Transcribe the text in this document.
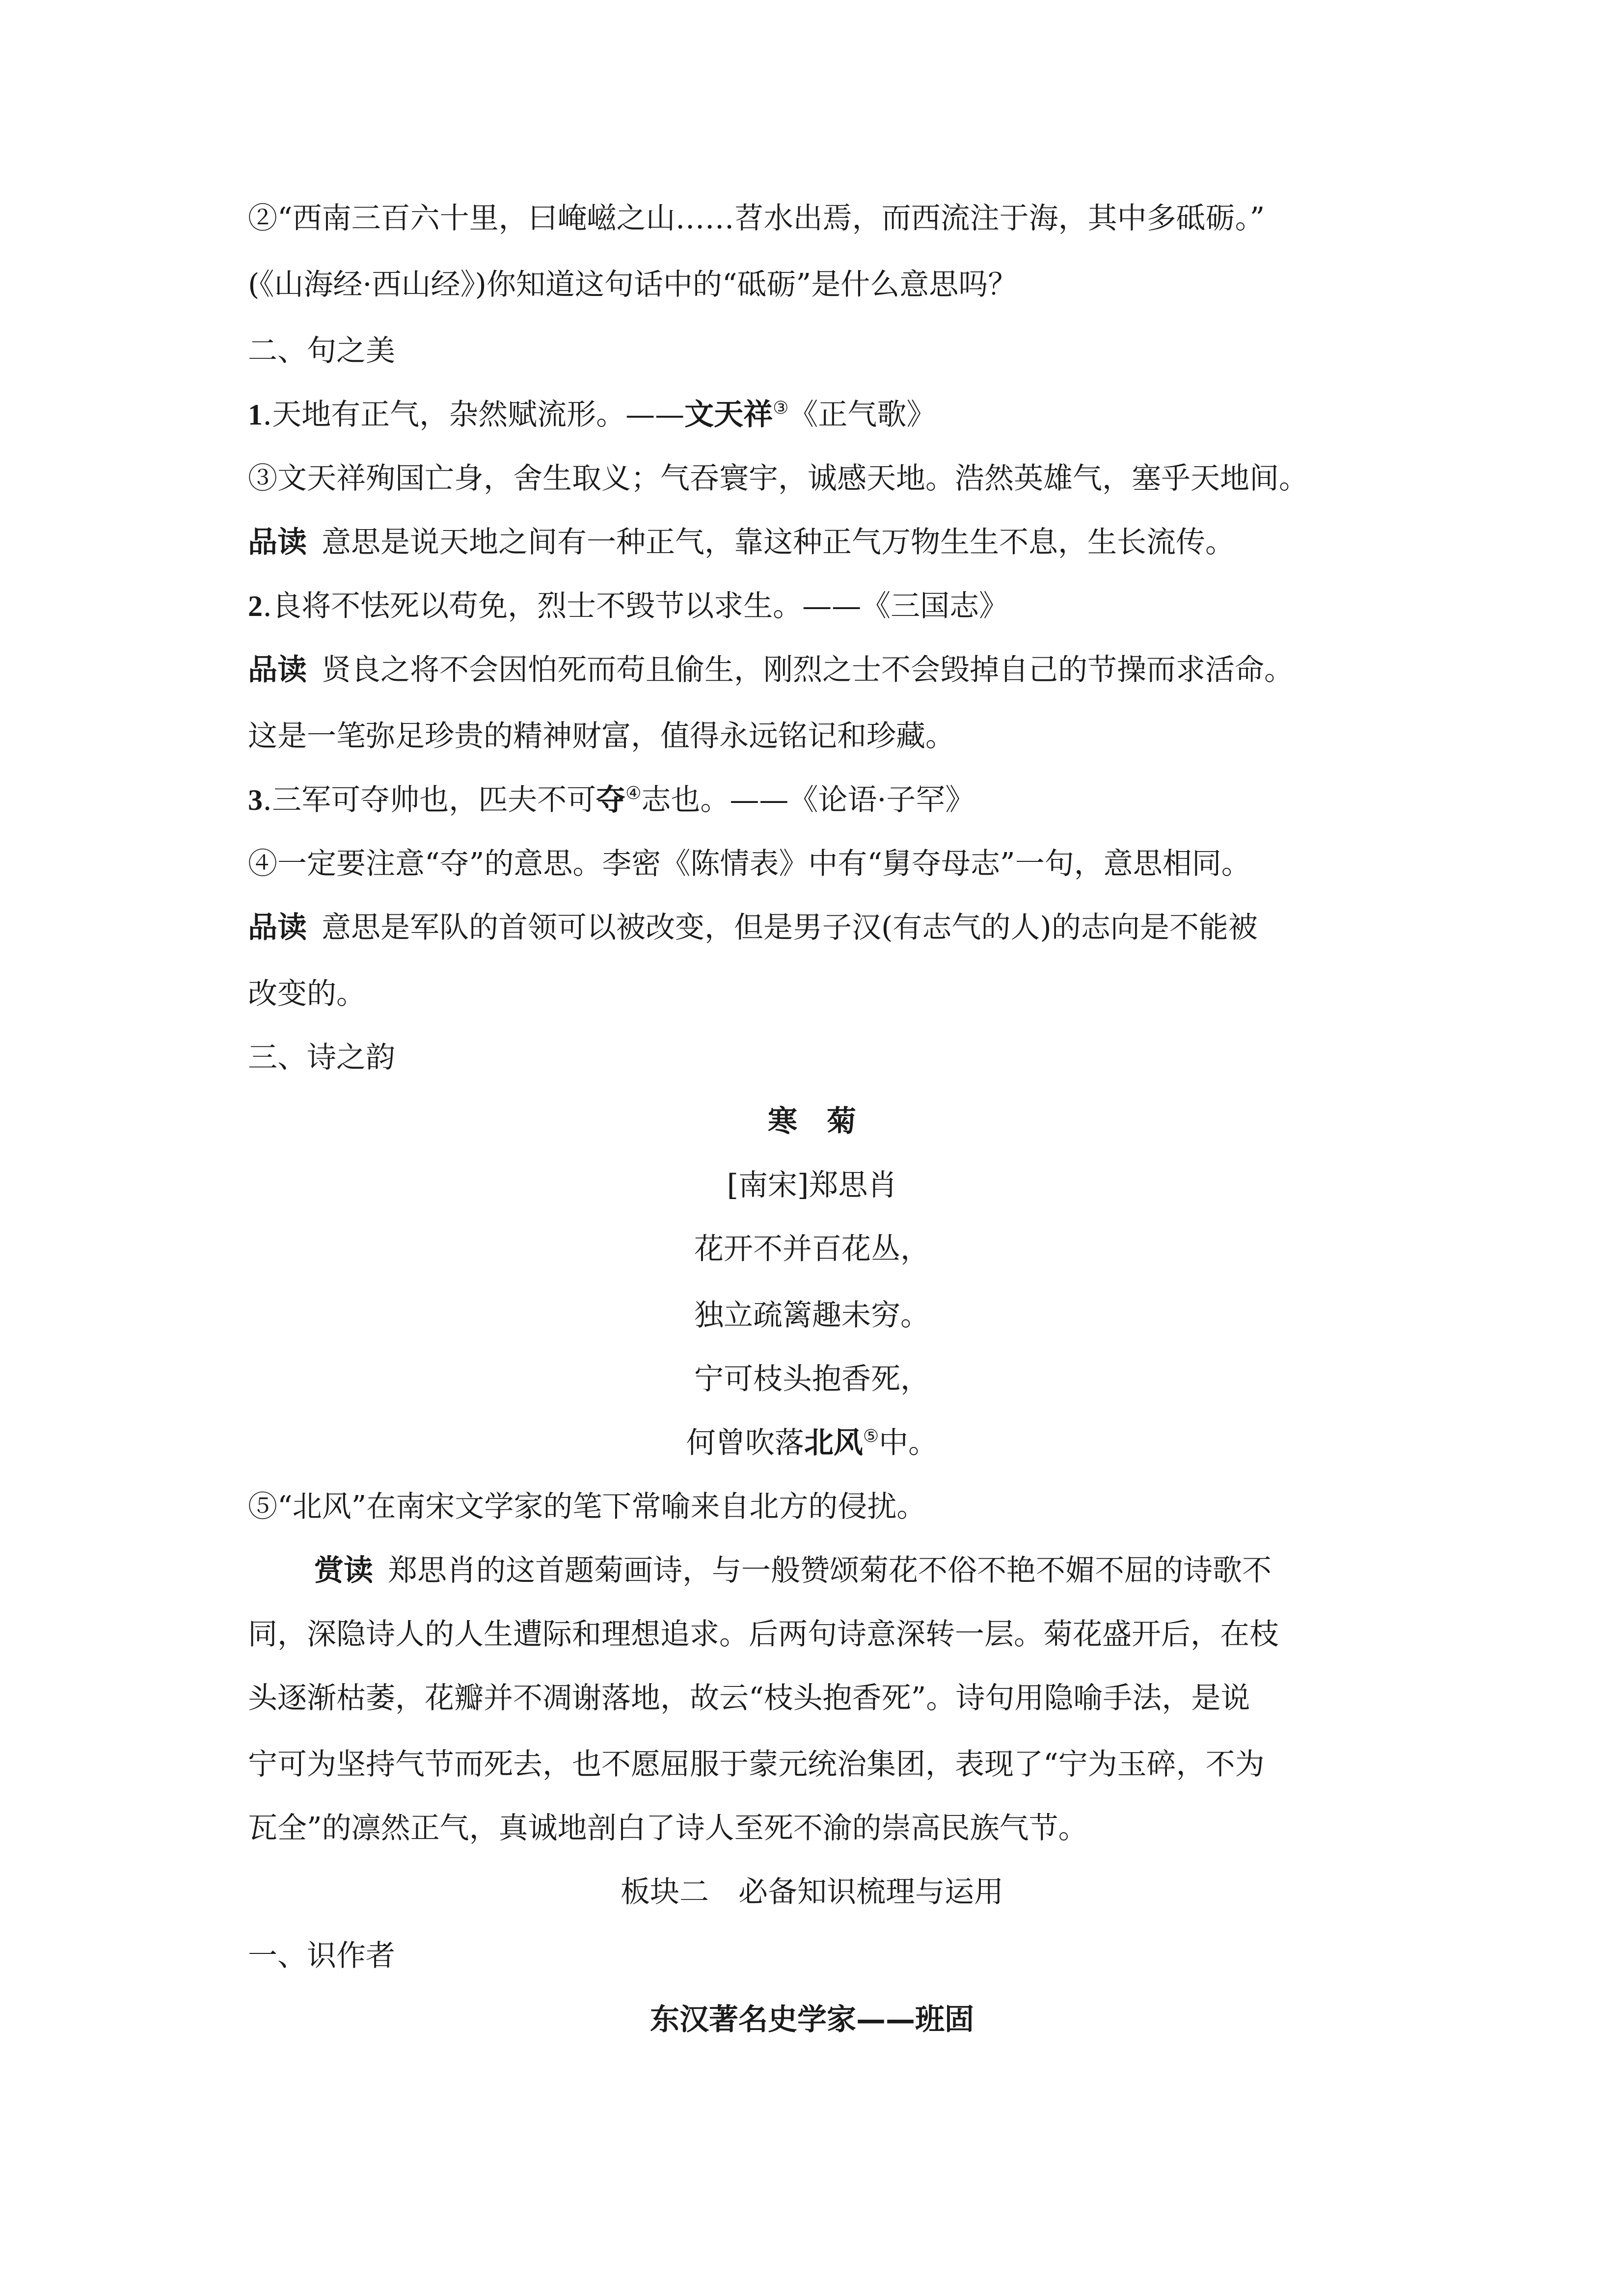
②“西南三百六十里，曰崦嵫之山……苕水出焉，而西流注于海，其中多砥砺。”
(《山海经·西山经》)你知道这句话中的“砥砺”是什么意思吗？
二、句之美
1.天地有正气，杂然赋流形。——文天祥③《正气歌》
③文天祥殉国亡身，舍生取义；气吞寰宇，诚感天地。浩然英雄气，塞乎天地间。
品读 意思是说天地之间有一种正气，靠这种正气万物生生不息，生长流传。
2.良将不怯死以苟免，烈士不毁节以求生。——《三国志》
品读 贤良之将不会因怕死而苟且偷生，刚烈之士不会毁掉自己的节操而求活命。
这是一笔弥足珍贵的精神财富，值得永远铭记和珍藏。
3.三军可夺帅也，匹夫不可夺④志也。——《论语·子罕》
④一定要注意“夺”的意思。李密《陈情表》中有“舅夺母志”一句，意思相同。
品读 意思是军队的首领可以被改变，但是男子汉(有志气的人)的志向是不能被
改变的。
三、诗之韵
寒菊
[南宋]郑思肖
花开不并百花丛，
独立疏篱趣未穷。
宁可枝头抱香死，
何曾吹落北风⑤中。
⑤“北风”在南宋文学家的笔下常喻来自北方的侵扰。
赏读 郑思肖的这首题菊画诗，与一般赞颂菊花不俗不艳不媚不屈的诗歌不
同，深隐诗人的人生遭际和理想追求。后两句诗意深转一层。菊花盛开后，在枝
头逐渐枯萎，花瓣并不凋谢落地，故云“枝头抱香死”。诗句用隐喻手法，是说
宁可为坚持气节而死去，也不愿屈服于蒙元统治集团，表现了“宁为玉碎，不为
瓦全”的凛然正气，真诚地剖白了诗人至死不渝的崇高民族气节。
板块二　必备知识梳理与运用
一、识作者
东汉著名史学家——班固
